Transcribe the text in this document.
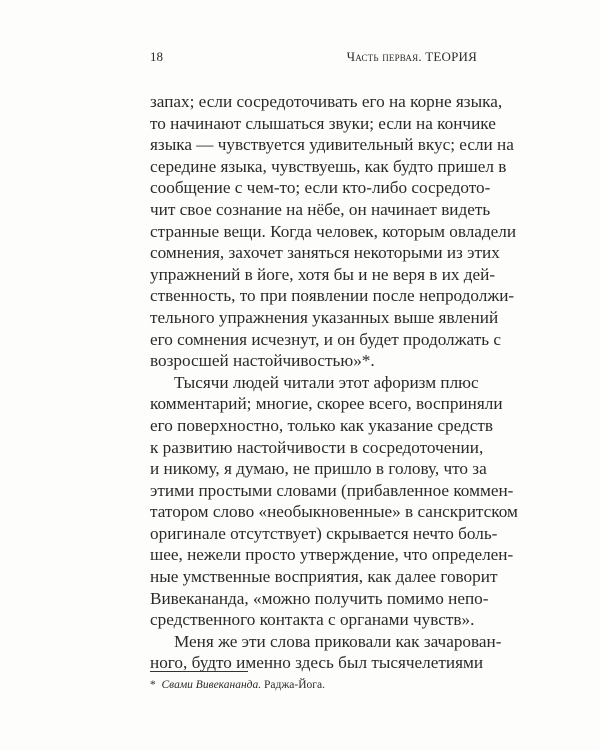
18	Часть первая. ТЕОРИЯ
запах; если сосредоточивать его на корне языка,
то начинают слышаться звуки; если на кончике
языка — чувствуется удивительный вкус; если на
середине языка, чувствуешь, как будто пришел в
сообщение с чем-то; если кто-либо сосредото-
чит свое сознание на нёбе, он начинает видеть
странные вещи. Когда человек, которым овладели
сомнения, захочет заняться некоторыми из этих
упражнений в йоге, хотя бы и не веря в их дей-
ственность, то при появлении после непродолжи-
тельного упражнения указанных выше явлений
его сомнения исчезнут, и он будет продолжать с
возросшей настойчивостью»*.
Тысячи людей читали этот афоризм плюс
комментарий; многие, скорее всего, восприняли
его поверхностно, только как указание средств
к развитию настойчивости в сосредоточении,
и никому, я думаю, не пришло в голову, что за
этими простыми словами (прибавленное коммен-
татором слово «необыкновенные» в санскритском
оригинале отсутствует) скрывается нечто боль-
шее, нежели просто утверждение, что определен-
ные умственные восприятия, как далее говорит
Вивекананда, «можно получить помимо непо-
средственного контакта с органами чувств».
Меня же эти слова приковали как зачарован-
ного, будто именно здесь был тысячелетиями
* Свами Вивекананда. Раджа-Йога.
